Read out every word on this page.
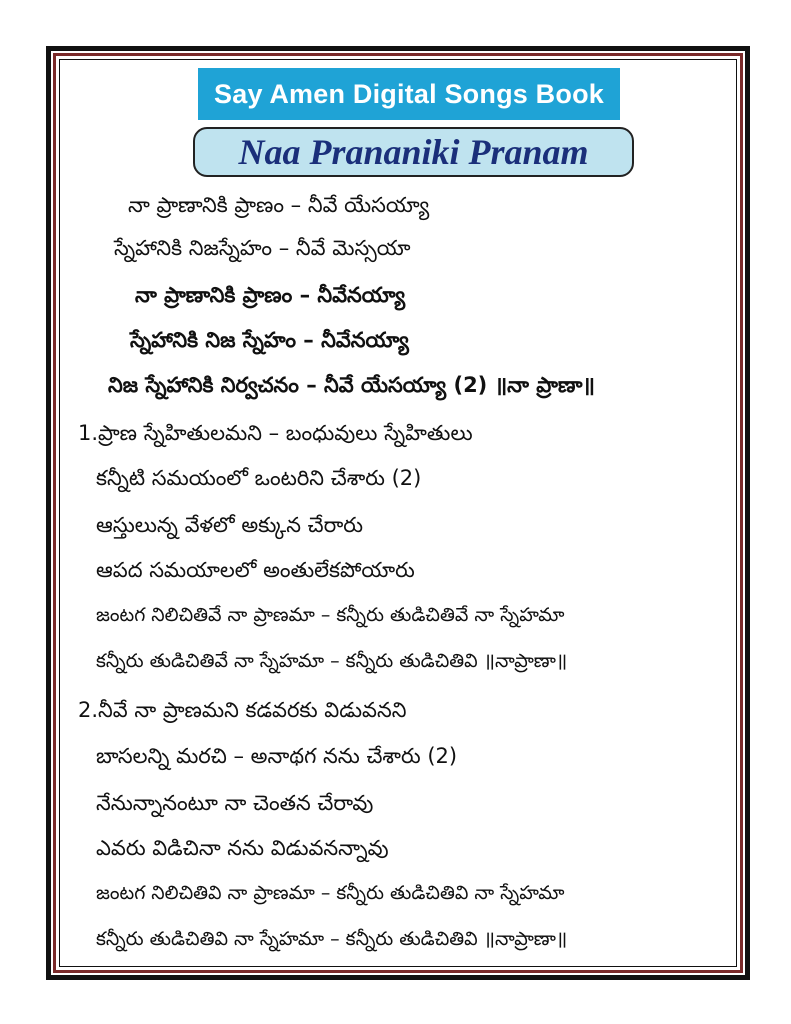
Say Amen Digital Songs Book
Naa Prananiki Pranam
నా ప్రాణానికి ప్రాణం – నీవే యేసయ్యా
స్నేహానికి నిజస్నేహం – నీవే మెస్సయా
నా ప్రాణానికి ప్రాణం – నీవేనయ్యా
స్నేహానికి నిజ స్నేహం – నీవేనయ్యా
నిజ స్నేహానికి నిర్వచనం – నీవే యేసయ్యా (2) ॥నా ప్రాణా॥
1.ప్రాణ స్నేహితులమని – బంధువులు స్నేహితులు
కన్నీటి సమయంలో ఒంటరిని చేశారు (2)
ఆస్తులున్న వేళలో అక్కున చేరారు
ఆపద సమయాలలో అంతులేకపోయారు
జంటగ నిలిచితివే నా ప్రాణమా – కన్నీరు తుడిచితివే నా స్నేహమా
కన్నీరు తుడిచితివే నా స్నేహమా – కన్నీరు తుడిచితివి ॥నాప్రాణా॥
2.నీవే నా ప్రాణమని కడవరకు విడువనని
బాసలన్ని మరచి – అనాథగ నను చేశారు (2)
నేనున్నానంటూ నా చెంతన చేరావు
ఎవరు విడిచినా నను విడువనన్నావు
జంటగ నిలిచితివి నా ప్రాణమా – కన్నీరు తుడిచితివి నా స్నేహమా
కన్నీరు తుడిచితివి నా స్నేహమా – కన్నీరు తుడిచితివి ॥నాప్రాణా॥
